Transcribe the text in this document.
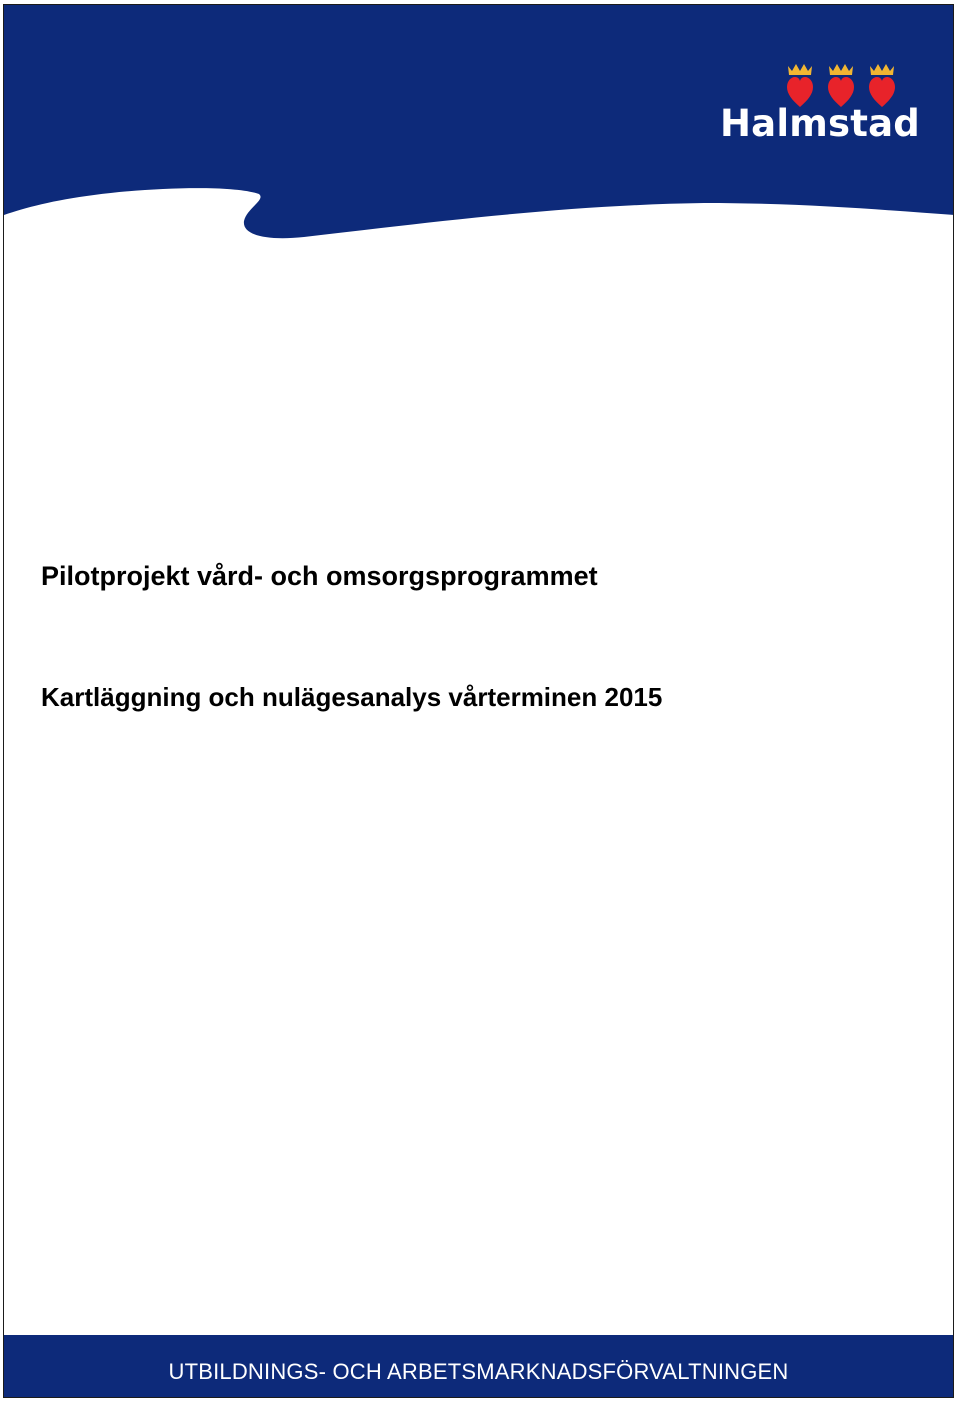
Halmstad
Pilotprojekt vård- och omsorgsprogrammet
Kartläggning och nulägesanalys vårterminen 2015
UTBILDNINGS- OCH ARBETSMARKNADSFÖRVALTNINGEN
